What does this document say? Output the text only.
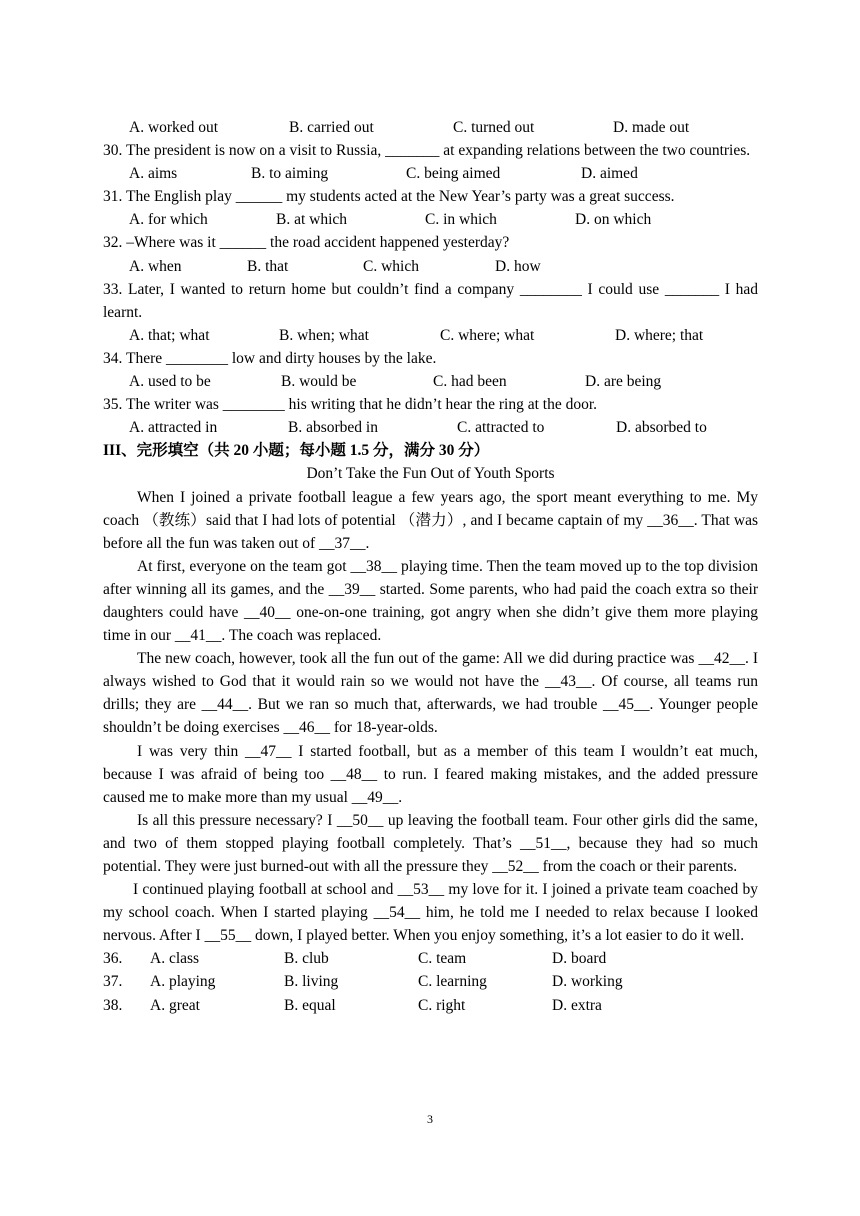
A. worked out	B. carried out	C. turned out	D. made out
30. The president is now on a visit to Russia, _______ at expanding relations between the two countries.
A. aims	B. to aiming	C. being aimed	D. aimed
31. The English play ______ my students acted at the New Year’s party was a great success.
A. for which	B. at which	C. in which	D. on which
32. –Where was it ______ the road accident happened yesterday?
A. when	B. that	C. which	D. how
33. Later, I wanted to return home but couldn’t find a company ________ I could use _______ I had learnt.
A. that; what	B. when; what	C. where; what	D. where; that
34. There ________ low and dirty houses by the lake.
A. used to be	B. would be	C. had been	D. are being
35. The writer was ________ his writing that he didn’t hear the ring at the door.
A. attracted in	B. absorbed in	C. attracted to	D. absorbed to
III、完形填空（共 20 小题；每小题 1.5 分，满分 30 分）
Don’t Take the Fun Out of Youth Sports
When I joined a private football league a few years ago, the sport meant everything to me. My coach （教练）said that I had lots of potential （潜力）, and I became captain of my __36__. That was before all the fun was taken out of __37__.
At first, everyone on the team got __38__ playing time. Then the team moved up to the top division after winning all its games, and the __39__ started. Some parents, who had paid the coach extra so their daughters could have __40__ one-on-one training, got angry when she didn’t give them more playing time in our __41__. The coach was replaced.
The new coach, however, took all the fun out of the game: All we did during practice was __42__. I always wished to God that it would rain so we would not have the __43__. Of course, all teams run drills; they are __44__. But we ran so much that, afterwards, we had trouble __45__. Younger people shouldn’t be doing exercises __46__ for 18-year-olds.
I was very thin __47__ I started football, but as a member of this team I wouldn’t eat much, because I was afraid of being too __48__ to run. I feared making mistakes, and the added pressure caused me to make more than my usual __49__.
Is all this pressure necessary? I __50__ up leaving the football team. Four other girls did the same, and two of them stopped playing football completely. That’s __51__, because they had so much potential. They were just burned-out with all the pressure they __52__ from the coach or their parents.
I continued playing football at school and __53__ my love for it. I joined a private team coached by my school coach. When I started playing __54__ him, he told me I needed to relax because I looked nervous. After I __55__ down, I played better. When you enjoy something, it’s a lot easier to do it well.
36. A. class	B. club	C. team	D. board
37. A. playing	B. living	C. learning	D. working
38. A. great	B. equal	C. right	D. extra
3
